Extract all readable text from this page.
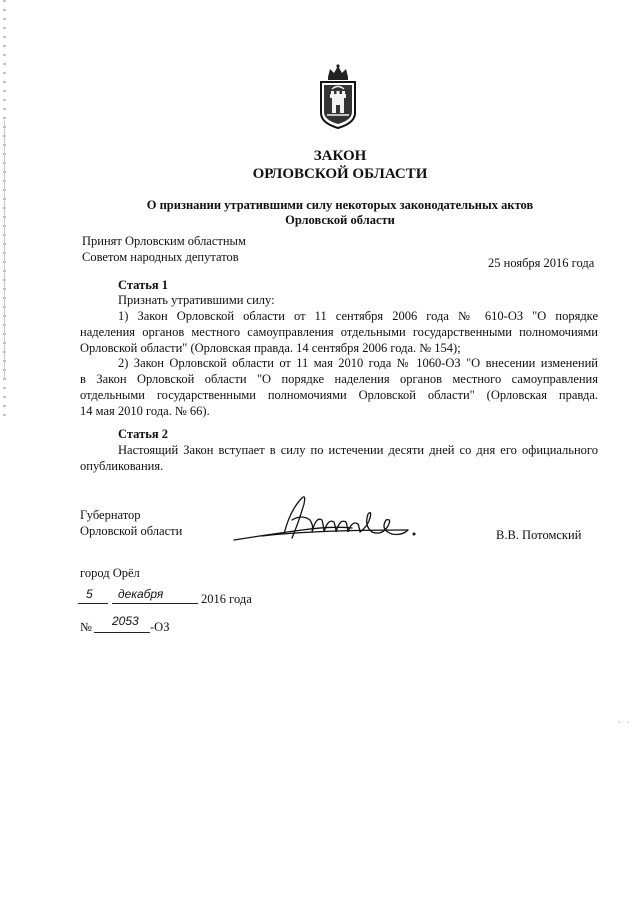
ЗАКОН
ОРЛОВСКОЙ ОБЛАСТИ
О признании утратившими силу некоторых законодательных актов
Орловской области
Принят Орловским областным
Советом народных депутатов	25 ноября 2016 года
Статья 1
Признать утратившими силу:
1) Закон Орловской области от 11 сентября 2006 года № 610-ОЗ "О порядке
наделения органов местного самоуправления отдельными государственными полномочиями
Орловской области" (Орловская правда. 14 сентября 2006 года. № 154);
2) Закон Орловской области от 11 мая 2010 года № 1060-ОЗ "О внесении изменений
в Закон Орловской области "О порядке наделения органов местного самоуправления
отдельными государственными полномочиями Орловской области" (Орловская правда.
14 мая 2010 года. № 66).
Статья 2
Настоящий Закон вступает в силу по истечении десяти дней со дня его официального
опубликования.
Губернатор
Орловской области	В.В. Потомский
город Орёл
5 декабря	2016 года
№ 2053 -ОЗ
· ·
